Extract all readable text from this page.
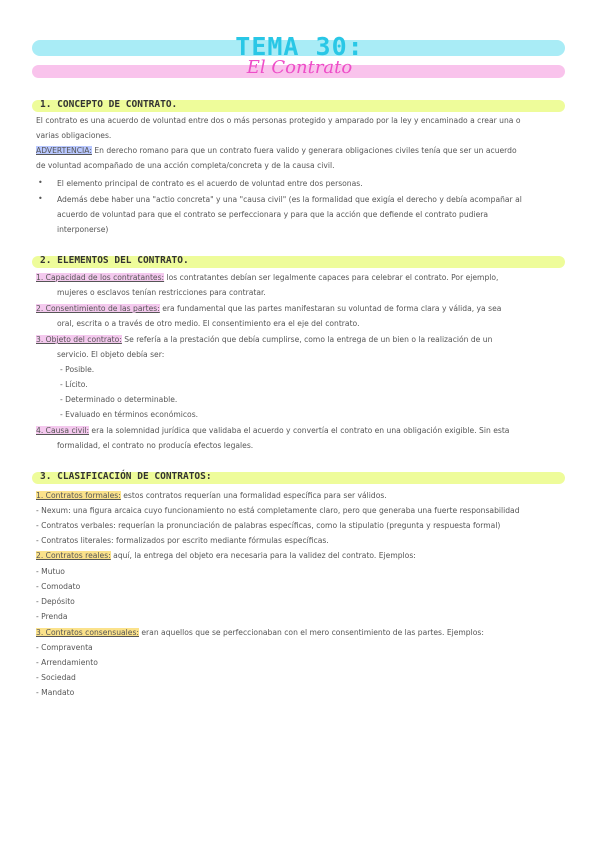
TEMA 30:
El Contrato
1. CONCEPTO DE CONTRATO.
El contrato es una acuerdo de voluntad entre dos o más personas protegido y amparado por la ley y encaminado a crear una o
varias obligaciones.
ADVERTENCIA: En derecho romano para que un contrato fuera valido y generara obligaciones civiles tenía que ser un acuerdo
de voluntad acompañado de una acción completa/concreta y de la causa civil.
• El elemento principal de contrato es el acuerdo de voluntad entre dos personas.
• Además debe haber una "actio concreta" y una "causa civil" (es la formalidad que exigía el derecho y debía acompañar al
acuerdo de voluntad para que el contrato se perfeccionara y para que la acción que defiende el contrato pudiera
interponerse)
2. ELEMENTOS DEL CONTRATO.
1. Capacidad de los contratantes: los contratantes debían ser legalmente capaces para celebrar el contrato. Por ejemplo,
mujeres o esclavos tenían restricciones para contratar.
2. Consentimiento de las partes: era fundamental que las partes manifestaran su voluntad de forma clara y válida, ya sea
oral, escrita o a través de otro medio. El consentimiento era el eje del contrato.
3. Objeto del contrato: Se refería a la prestación que debía cumplirse, como la entrega de un bien o la realización de un
servicio. El objeto debía ser:
- Posible.
- Lícito.
- Determinado o determinable.
- Evaluado en términos económicos.
4. Causa civil: era la solemnidad jurídica que validaba el acuerdo y convertía el contrato en una obligación exigible. Sin esta
formalidad, el contrato no producía efectos legales.
3. CLASIFICACIÓN DE CONTRATOS:
1. Contratos formales: estos contratos requerían una formalidad específica para ser válidos.
- Nexum: una figura arcaica cuyo funcionamiento no está completamente claro, pero que generaba una fuerte responsabilidad
- Contratos verbales: requerían la pronunciación de palabras específicas, como la stipulatio (pregunta y respuesta formal)
- Contratos literales: formalizados por escrito mediante fórmulas específicas.
2. Contratos reales: aquí, la entrega del objeto era necesaria para la validez del contrato. Ejemplos:
- Mutuo
- Comodato
- Depósito
- Prenda
3. Contratos consensuales: eran aquellos que se perfeccionaban con el mero consentimiento de las partes. Ejemplos:
- Compraventa
- Arrendamiento
- Sociedad
- Mandato
